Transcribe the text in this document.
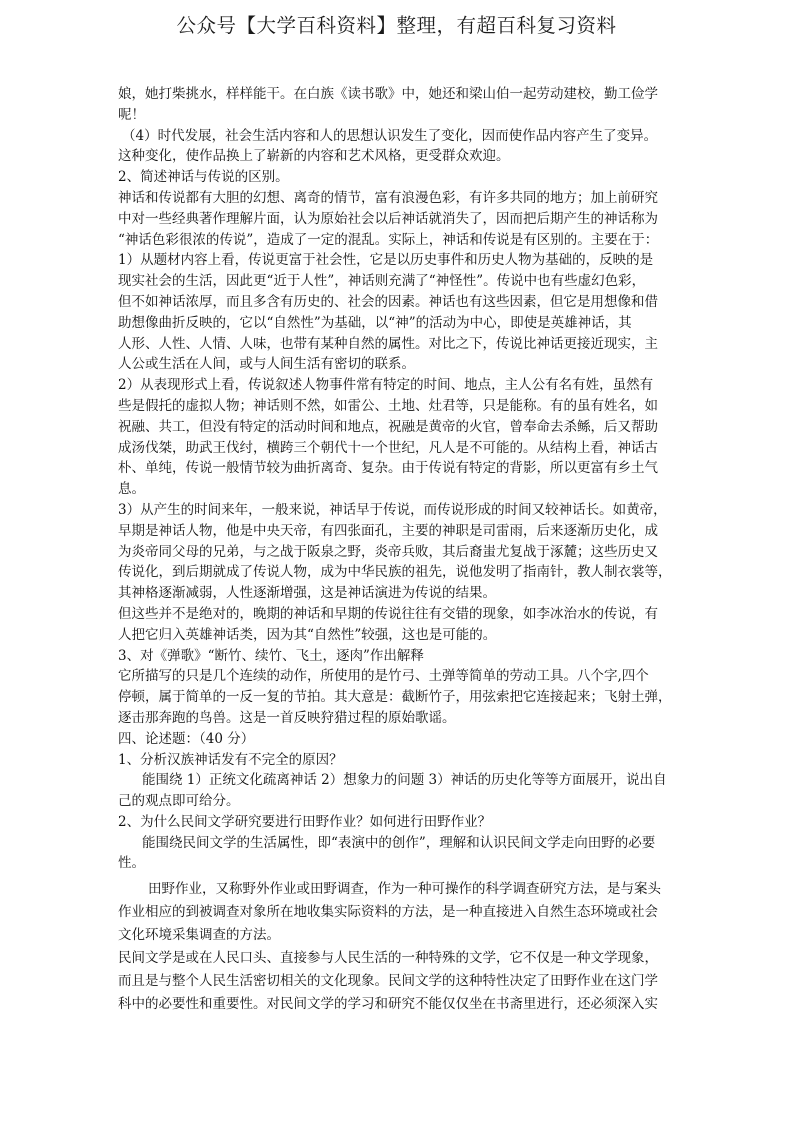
公众号【大学百科资料】整理，有超百科复习资料
娘，她打柴挑水，样样能干。在白族《读书歌》中，她还和梁山伯一起劳动建校，勤工俭学
呢！
（4）时代发展，社会生活内容和人的思想认识发生了变化，因而使作品内容产生了变异。
这种变化，使作品换上了崭新的内容和艺术风格，更受群众欢迎。
2、简述神话与传说的区别。
神话和传说都有大胆的幻想、离奇的情节，富有浪漫色彩，有许多共同的地方；加上前研究
中对一些经典著作理解片面，认为原始社会以后神话就消失了，因而把后期产生的神话称为
“神话色彩很浓的传说”，造成了一定的混乱。实际上，神话和传说是有区别的。主要在于：
1）从题材内容上看，传说更富于社会性，它是以历史事件和历史人物为基础的，反映的是
现实社会的生活，因此更“近于人性”，神话则充满了“神怪性”。传说中也有些虚幻色彩，
但不如神话浓厚，而且多含有历史的、社会的因素。神话也有这些因素，但它是用想像和借
助想像曲折反映的，它以“自然性”为基础，以“神”的活动为中心，即使是英雄神话，其
人形、人性、人情、人味，也带有某种自然的属性。对比之下，传说比神话更接近现实，主
人公或生活在人间，或与人间生活有密切的联系。
2）从表现形式上看，传说叙述人物事件常有特定的时间、地点，主人公有名有姓，虽然有
些是假托的虚拟人物；神话则不然，如雷公、土地、灶君等，只是能称。有的虽有姓名，如
祝融、共工，但没有特定的活动时间和地点，祝融是黄帝的火官，曾奉命去杀鲧，后又帮助
成汤伐桀，助武王伐纣，横跨三个朝代十一个世纪，凡人是不可能的。从结构上看，神话古
朴、单纯，传说一般情节较为曲折离奇、复杂。由于传说有特定的背影，所以更富有乡土气
息。
3）从产生的时间来年，一般来说，神话早于传说，而传说形成的时间又较神话长。如黄帝，
早期是神话人物，他是中央天帝，有四张面孔，主要的神职是司雷雨，后来逐渐历史化，成
为炎帝同父母的兄弟，与之战于阪泉之野，炎帝兵败，其后裔蚩尤复战于涿麓；这些历史又
传说化，到后期就成了传说人物，成为中华民族的祖先，说他发明了指南针，教人制衣裳等，
其神格逐渐减弱，人性逐渐增强，这是神话演进为传说的结果。
但这些并不是绝对的，晚期的神话和早期的传说往往有交错的现象，如李冰治水的传说，有
人把它归入英雄神话类，因为其“自然性”较强，这也是可能的。
3、对《弹歌》“断竹、续竹、飞土，逐肉”作出解释
它所描写的只是几个连续的动作，所使用的是竹弓、土弹等简单的劳动工具。八个字,四个
停顿，属于简单的一反一复的节拍。其大意是：截断竹子，用弦索把它连接起来；飞射土弹，
逐击那奔跑的鸟兽。这是一首反映狩猎过程的原始歌谣。
四、论述题：（40 分）
1、分析汉族神话发有不完全的原因？
能围绕 1）正统文化疏离神话 2）想象力的问题 3）神话的历史化等等方面展开，说出自
己的观点即可给分。
2、为什么民间文学研究要进行田野作业？如何进行田野作业？
能围绕民间文学的生活属性，即“表演中的创作”，理解和认识民间文学走向田野的必要
性。
田野作业，又称野外作业或田野调查，作为一种可操作的科学调查研究方法，是与案头
作业相应的到被调查对象所在地收集实际资料的方法，是一种直接进入自然生态环境或社会
文化环境采集调查的方法。
民间文学是或在人民口头、直接参与人民生活的一种特殊的文学，它不仅是一种文学现象，
而且是与整个人民生活密切相关的文化现象。民间文学的这种特性决定了田野作业在这门学
科中的必要性和重要性。对民间文学的学习和研究不能仅仅坐在书斋里进行，还必须深入实
